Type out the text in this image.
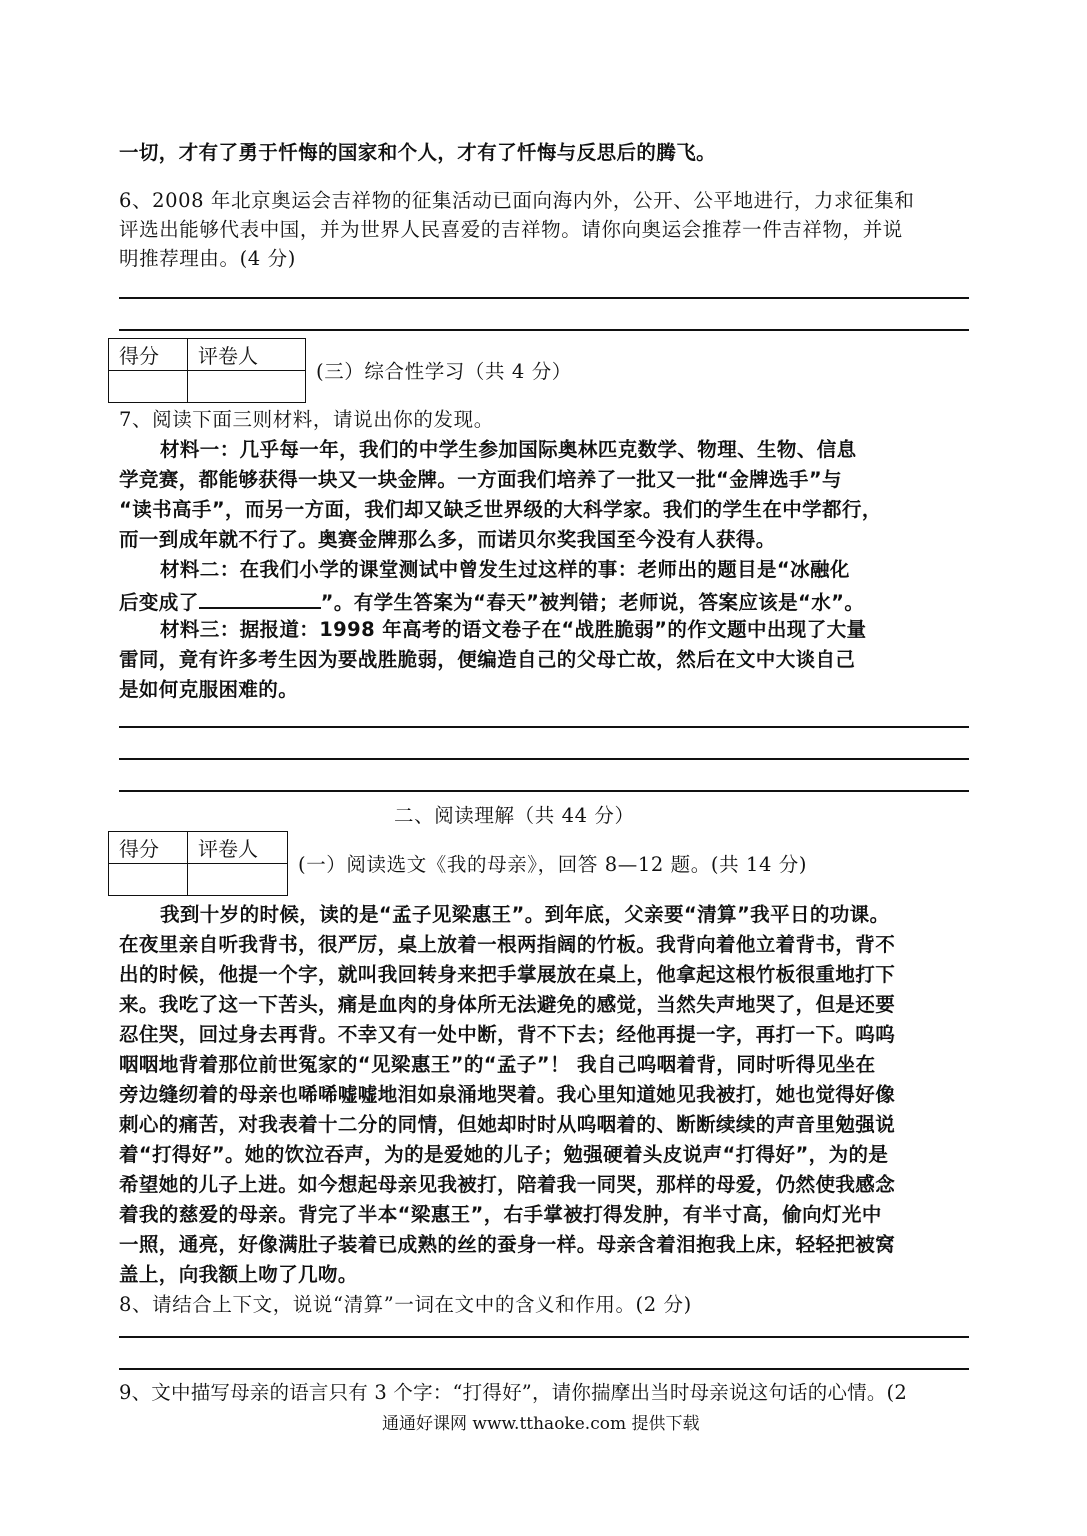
一切，才有了勇于忏悔的国家和个人，才有了忏悔与反思后的腾飞。
6、2008 年北京奥运会吉祥物的征集活动已面向海内外，公开、公平地进行，力求征集和
评选出能够代表中国，并为世界人民喜爱的吉祥物。请你向奥运会推荐一件吉祥物，并说
明推荐理由。(4 分)
得分	评卷人

(三）综合性学习（共 4 分）
7、阅读下面三则材料，请说出你的发现。
材料一：几乎每一年，我们的中学生参加国际奥林匹克数学、物理、生物、信息
学竞赛，都能够获得一块又一块金牌。一方面我们培养了一批又一批“金牌选手”与
“读书高手”，而另一方面，我们却又缺乏世界级的大科学家。我们的学生在中学都行，
而一到成年就不行了。奥赛金牌那么多，而诺贝尔奖我国至今没有人获得。
材料二：在我们小学的课堂测试中曾发生过这样的事：老师出的题目是“冰融化
后变成了	”。有学生答案为“春天”被判错；老师说，答案应该是“水”。
材料三：据报道：1998 年高考的语文卷子在“战胜脆弱”的作文题中出现了大量
雷同，竟有许多考生因为要战胜脆弱，便编造自己的父母亡故，然后在文中大谈自己
是如何克服困难的。
二、阅读理解（共 44 分）
得分	评卷人

(一）阅读选文《我的母亲》，回答 8—12 题。(共 14 分)
我到十岁的时候，读的是“孟子见梁惠王”。到年底，父亲要“清算”我平日的功课。
在夜里亲自听我背书，很严厉，桌上放着一根两指阔的竹板。我背向着他立着背书，背不
出的时候，他提一个字，就叫我回转身来把手掌展放在桌上，他拿起这根竹板很重地打下
来。我吃了这一下苦头，痛是血肉的身体所无法避免的感觉，当然失声地哭了，但是还要
忍住哭，回过身去再背。不幸又有一处中断，背不下去；经他再提一字，再打一下。呜呜
咽咽地背着那位前世冤家的“见梁惠王”的“孟子”！ 我自己呜咽着背，同时听得见坐在
旁边缝纫着的母亲也唏唏嘘嘘地泪如泉涌地哭着。我心里知道她见我被打，她也觉得好像
刺心的痛苦，对我表着十二分的同情，但她却时时从呜咽着的、断断续续的声音里勉强说
着“打得好”。她的饮泣吞声，为的是爱她的儿子；勉强硬着头皮说声“打得好”，为的是
希望她的儿子上进。如今想起母亲见我被打，陪着我一同哭，那样的母爱，仍然使我感念
着我的慈爱的母亲。背完了半本“梁惠王”，右手掌被打得发肿，有半寸高，偷向灯光中
一照，通亮，好像满肚子装着已成熟的丝的蚕身一样。母亲含着泪抱我上床，轻轻把被窝
盖上，向我额上吻了几吻。
8、请结合上下文，说说“清算”一词在文中的含义和作用。(2 分)
9、文中描写母亲的语言只有 3 个字：“打得好”，请你揣摩出当时母亲说这句话的心情。(2
通通好课网 www.tthaoke.com 提供下载
